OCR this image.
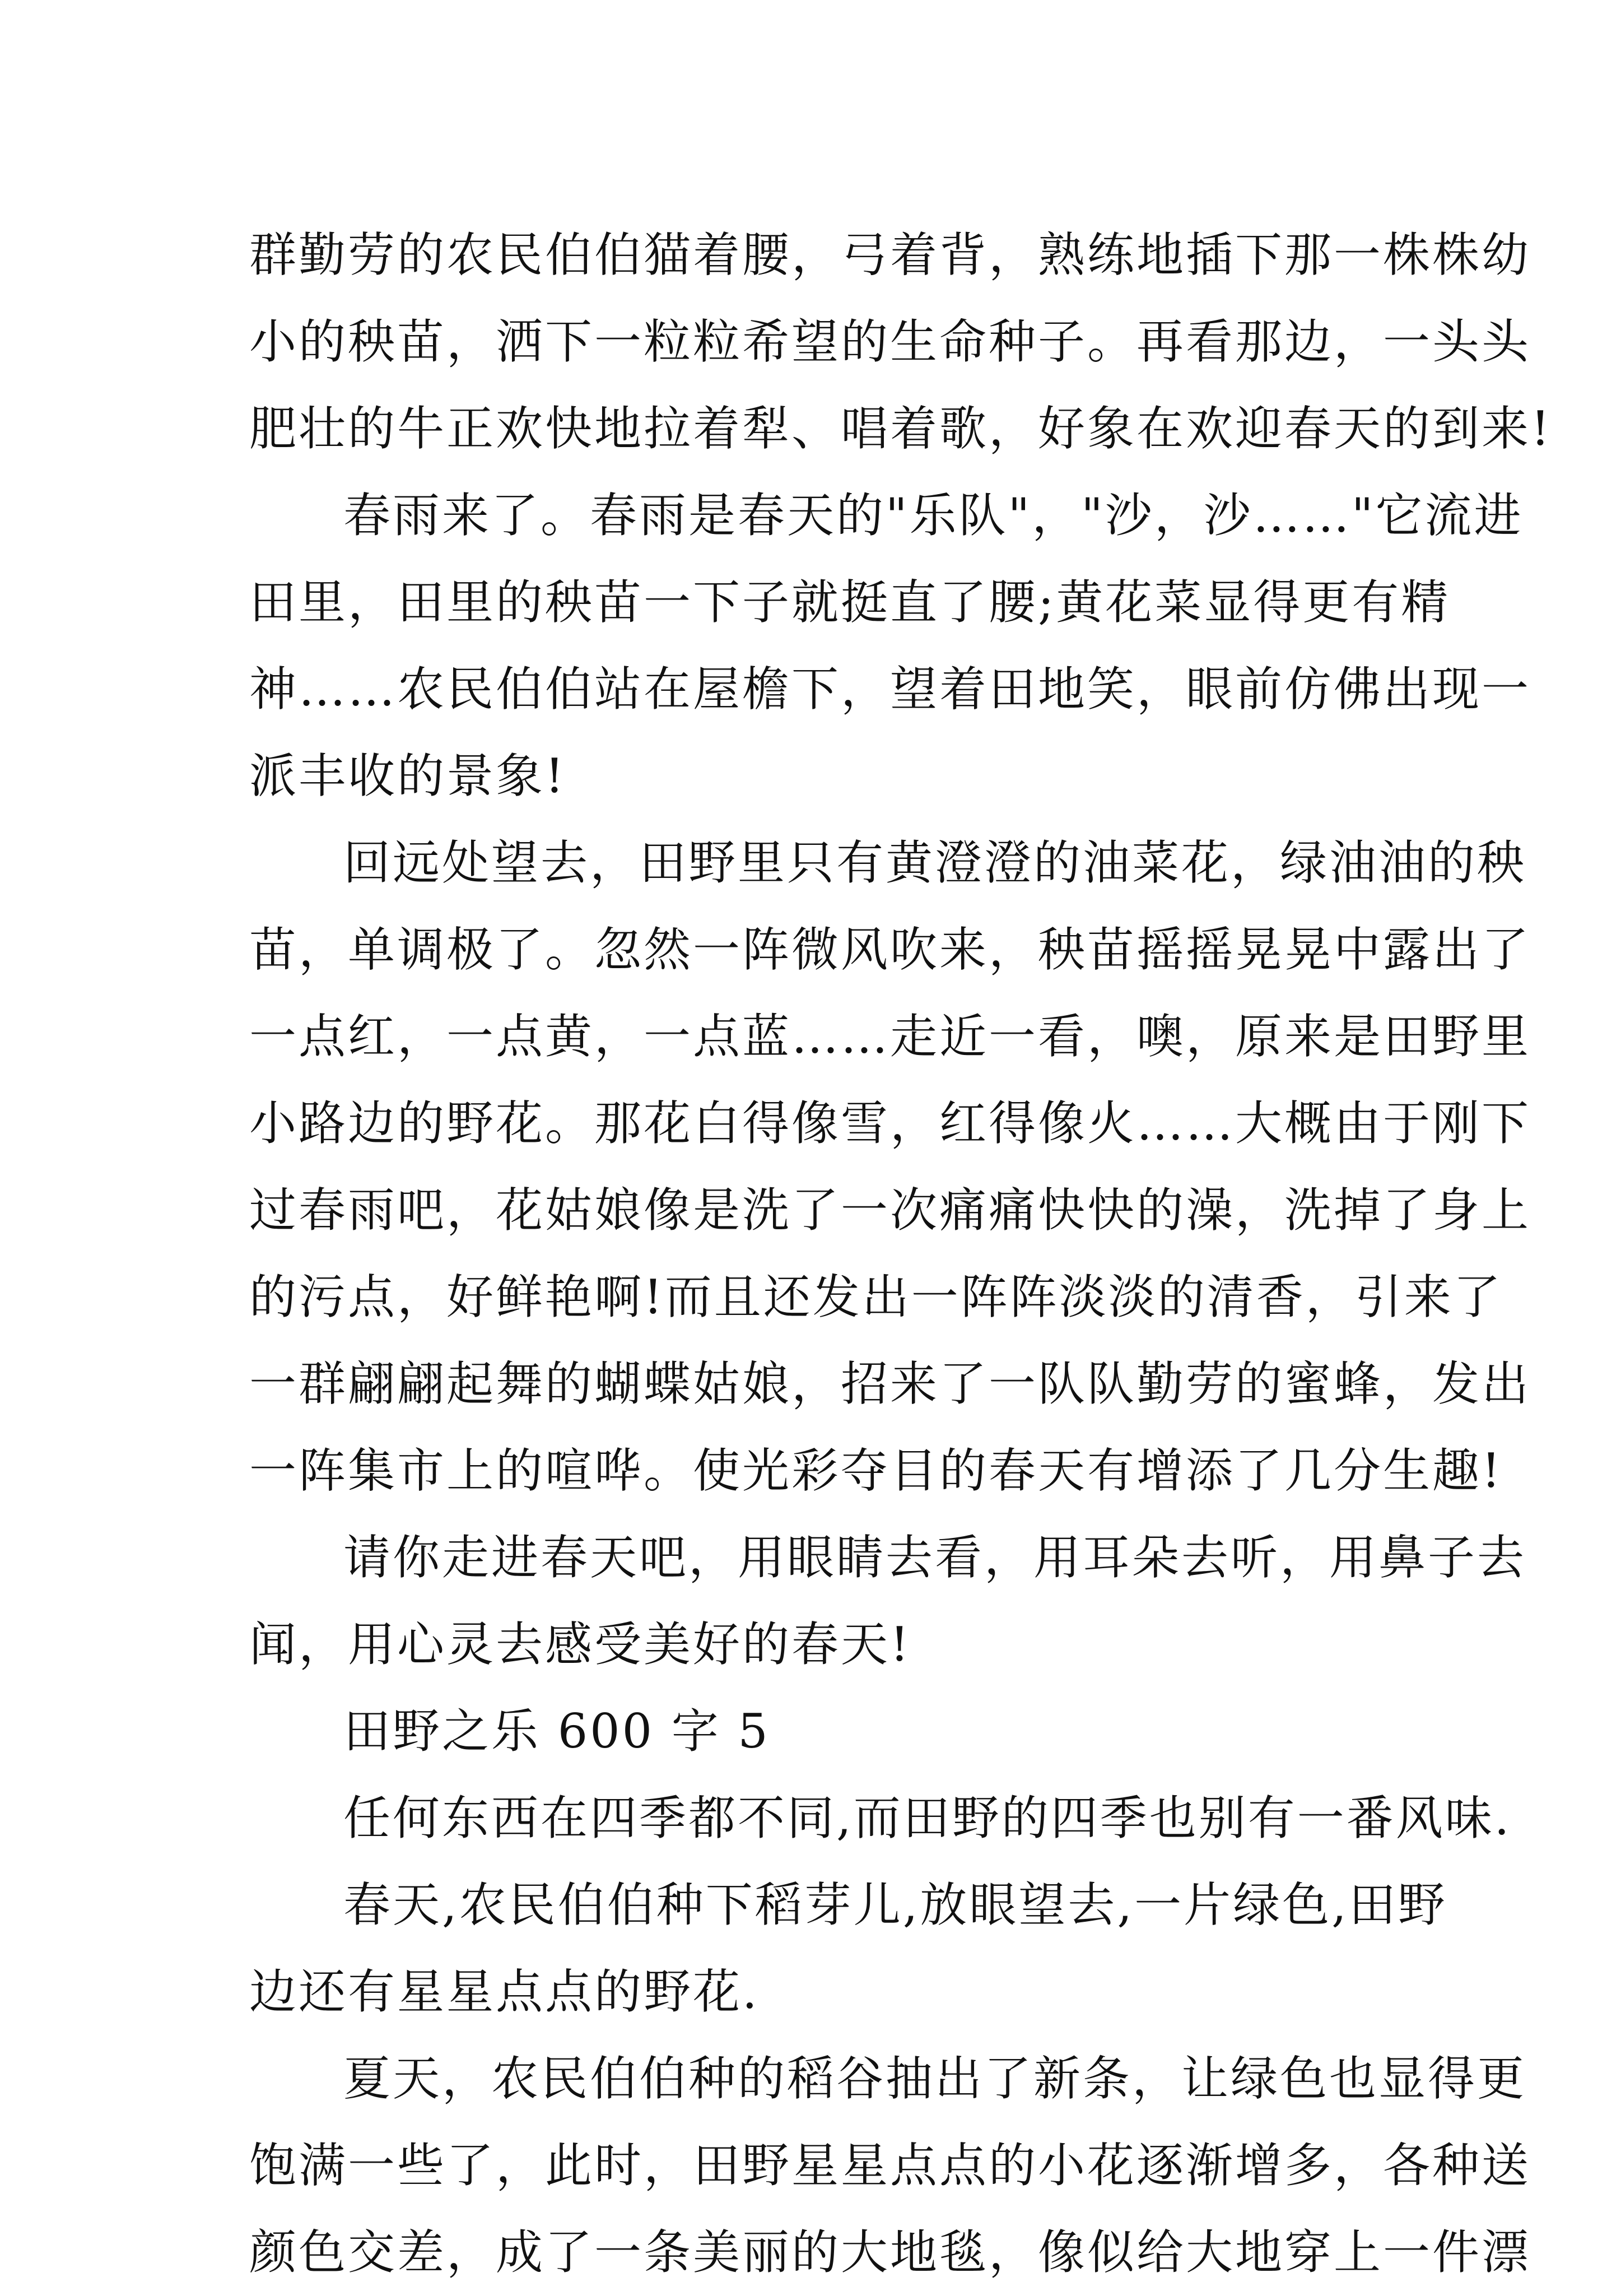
群勤劳的农民伯伯猫着腰，弓着背，熟练地插下那一株株幼
小的秧苗，洒下一粒粒希望的生命种子。再看那边，一头头
肥壮的牛正欢快地拉着犁、唱着歌，好象在欢迎春天的到来!
春雨来了。春雨是春天的"乐队"，"沙，沙……"它流进
田里，田里的秧苗一下子就挺直了腰;黄花菜显得更有精
神……农民伯伯站在屋檐下，望着田地笑，眼前仿佛出现一
派丰收的景象!
回远处望去，田野里只有黄澄澄的油菜花，绿油油的秧
苗，单调极了。忽然一阵微风吹来，秧苗摇摇晃晃中露出了
一点红，一点黄，一点蓝……走近一看，噢，原来是田野里
小路边的野花。那花白得像雪，红得像火……大概由于刚下
过春雨吧，花姑娘像是洗了一次痛痛快快的澡，洗掉了身上
的污点，好鲜艳啊!而且还发出一阵阵淡淡的清香，引来了
一群翩翩起舞的蝴蝶姑娘，招来了一队队勤劳的蜜蜂，发出
一阵集市上的喧哗。使光彩夺目的春天有增添了几分生趣!
请你走进春天吧，用眼睛去看，用耳朵去听，用鼻子去
闻，用心灵去感受美好的春天!
田野之乐 600 字 5
任何东西在四季都不同,而田野的四季也别有一番风味.
春天,农民伯伯种下稻芽儿,放眼望去,一片绿色,田野
边还有星星点点的野花.
夏天，农民伯伯种的稻谷抽出了新条，让绿色也显得更
饱满一些了，此时，田野星星点点的小花逐渐增多，各种送
颜色交差，成了一条美丽的大地毯，像似给大地穿上一件漂
